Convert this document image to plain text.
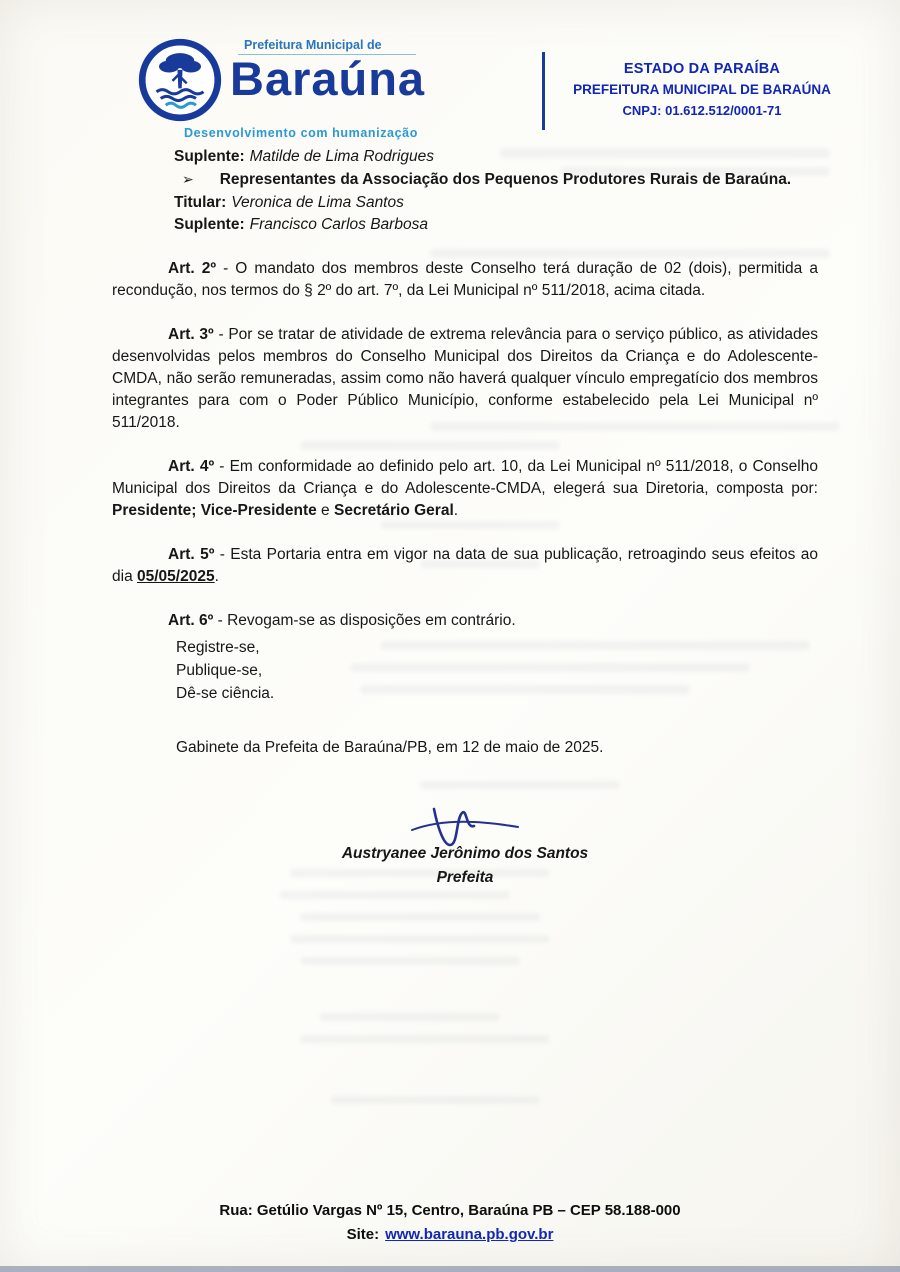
Prefeitura Municipal de
Baraúna
Desenvolvimento com humanização
ESTADO DA PARAÍBA
PREFEITURA MUNICIPAL DE BARAÚNA
CNPJ: 01.612.512/0001-71

Suplente: Matilde de Lima Rodrigues

➢ Representantes da Associação dos Pequenos Produtores Rurais de Baraúna.

Titular: Veronica de Lima Santos

Suplente: Francisco Carlos Barbosa

Art. 2º - O mandato dos membros deste Conselho terá duração de 02 (dois), permitida a recondução, nos termos do § 2º do art. 7º, da Lei Municipal nº 511/2018, acima citada.

Art. 3º - Por se tratar de atividade de extrema relevância para o serviço público, as atividades desenvolvidas pelos membros do Conselho Municipal dos Direitos da Criança e do Adolescente-CMDA, não serão remuneradas, assim como não haverá qualquer vínculo empregatício dos membros integrantes para com o Poder Público Município, conforme estabelecido pela Lei Municipal nº 511/2018.

Art. 4º - Em conformidade ao definido pelo art. 10, da Lei Municipal nº 511/2018, o Conselho Municipal dos Direitos da Criança e do Adolescente-CMDA, elegerá sua Diretoria, composta por: Presidente; Vice-Presidente e Secretário Geral.

Art. 5º - Esta Portaria entra em vigor na data de sua publicação, retroagindo seus efeitos ao dia 05/05/2025.

Art. 6º - Revogam-se as disposições em contrário.

Registre-se,
Publique-se,
Dê-se ciência.
Gabinete da Prefeita de Baraúna/PB, em 12 de maio de 2025.
Austryanee Jerônimo dos Santos
Prefeita
Rua: Getúlio Vargas Nº 15, Centro, Baraúna PB – CEP 58.188-000
Site: www.barauna.pb.gov.br
